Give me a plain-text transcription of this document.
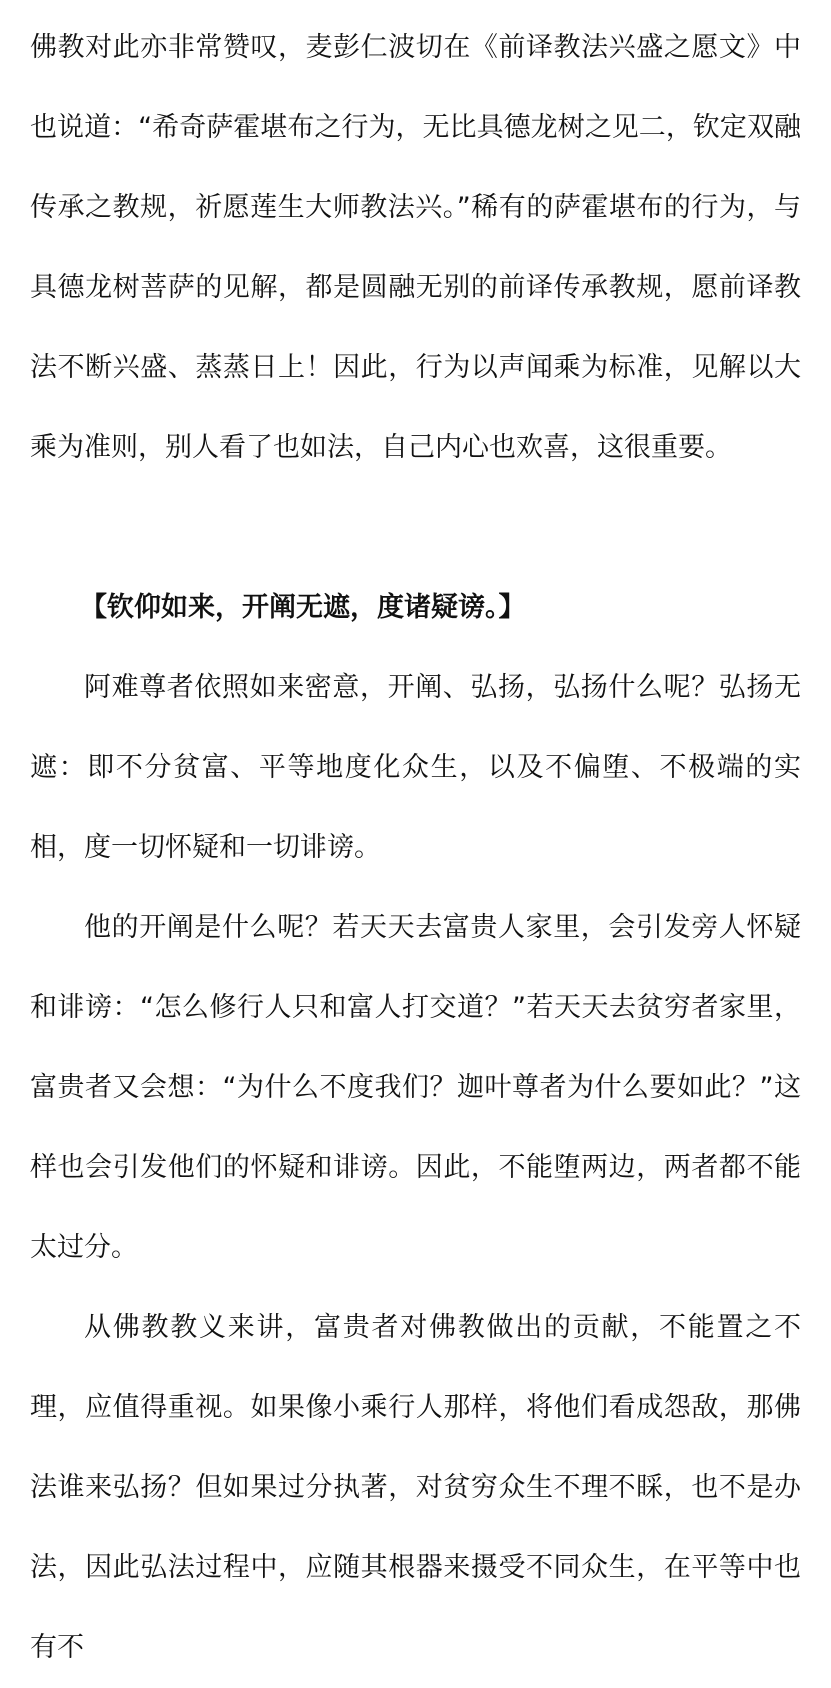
佛教对此亦非常赞叹，麦彭仁波切在《前译教法兴盛之愿文》中也说道：“希奇萨霍堪布之行为，无比具德龙树之见二，钦定双融传承之教规，祈愿莲生大师教法兴。”稀有的萨霍堪布的行为，与具德龙树菩萨的见解，都是圆融无别的前译传承教规，愿前译教法不断兴盛、蒸蒸日上！因此，行为以声闻乘为标准，见解以大乘为准则，别人看了也如法，自己内心也欢喜，这很重要。

【钦仰如来，开阐无遮，度诸疑谤。】

阿难尊者依照如来密意，开阐、弘扬，弘扬什么呢？弘扬无遮：即不分贫富、平等地度化众生，以及不偏堕、不极端的实相，度一切怀疑和一切诽谤。

他的开阐是什么呢？若天天去富贵人家里，会引发旁人怀疑和诽谤：“怎么修行人只和富人打交道？”若天天去贫穷者家里，富贵者又会想：“为什么不度我们？迦叶尊者为什么要如此？”这样也会引发他们的怀疑和诽谤。因此，不能堕两边，两者都不能太过分。

从佛教教义来讲，富贵者对佛教做出的贡献，不能置之不理，应值得重视。如果像小乘行人那样，将他们看成怨敌，那佛法谁来弘扬？但如果过分执著，对贫穷众生不理不睬，也不是办法，因此弘法过程中，应随其根器来摄受不同众生，在平等中也有不
